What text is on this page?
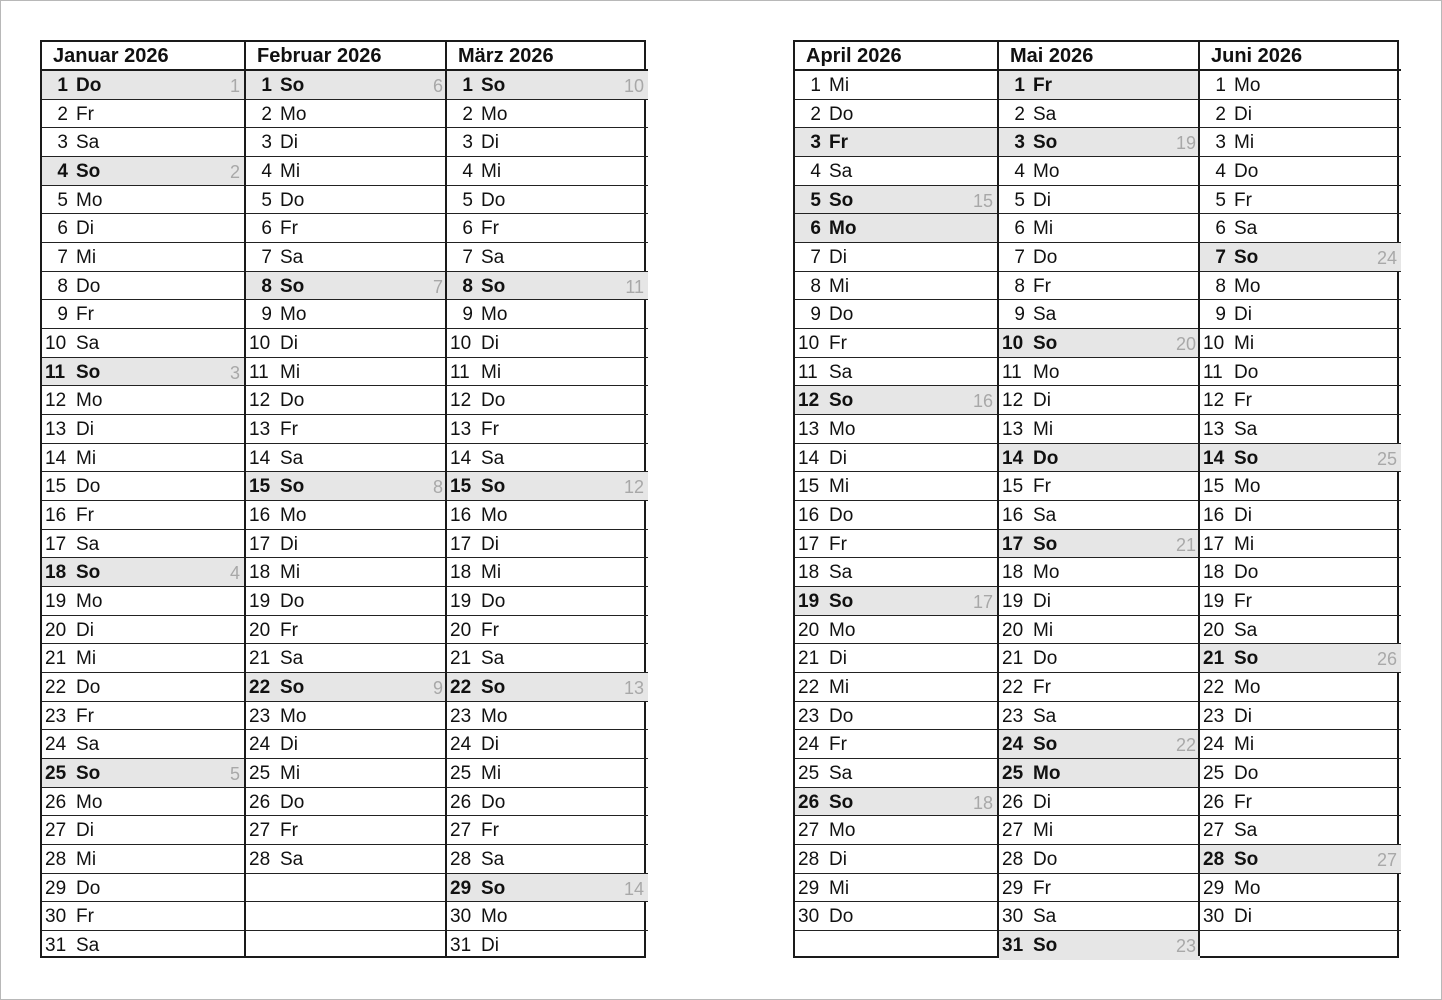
Januar 2026
1 Do	1
2 Fr
3 Sa
4 So	2
5 Mo
6 Di
7 Mi
8 Do
9 Fr
10 Sa
11 So	3
12 Mo
13 Di
14 Mi
15 Do
16 Fr
17 Sa
18 So	4
19 Mo
20 Di
21 Mi
22 Do
23 Fr
24 Sa
25 So	5
26 Mo
27 Di
28 Mi
29 Do
30 Fr
31 Sa
Februar 2026
1 So	6
2 Mo
3 Di
4 Mi
5 Do
6 Fr
7 Sa
8 So	7
9 Mo
10 Di
11 Mi
12 Do
13 Fr
14 Sa
15 So	8
16 Mo
17 Di
18 Mi
19 Do
20 Fr
21 Sa
22 So	9
23 Mo
24 Di
25 Mi
26 Do
27 Fr
28 Sa
März 2026
1 So	10
2 Mo
3 Di
4 Mi
5 Do
6 Fr
7 Sa
8 So	11
9 Mo
10 Di
11 Mi
12 Do
13 Fr
14 Sa
15 So	12
16 Mo
17 Di
18 Mi
19 Do
20 Fr
21 Sa
22 So	13
23 Mo
24 Di
25 Mi
26 Do
27 Fr
28 Sa
29 So	14
30 Mo
31 Di
April 2026
1 Mi
2 Do
3 Fr
4 Sa
5 So	15
6 Mo
7 Di
8 Mi
9 Do
10 Fr
11 Sa
12 So	16
13 Mo
14 Di
15 Mi
16 Do
17 Fr
18 Sa
19 So	17
20 Mo
21 Di
22 Mi
23 Do
24 Fr
25 Sa
26 So	18
27 Mo
28 Di
29 Mi
30 Do
Mai 2026
1 Fr
2 Sa
3 So	19
4 Mo
5 Di
6 Mi
7 Do
8 Fr
9 Sa
10 So	20
11 Mo
12 Di
13 Mi
14 Do
15 Fr
16 Sa
17 So	21
18 Mo
19 Di
20 Mi
21 Do
22 Fr
23 Sa
24 So	22
25 Mo
26 Di
27 Mi
28 Do
29 Fr
30 Sa
31 So	23
Juni 2026
1 Mo
2 Di
3 Mi
4 Do
5 Fr
6 Sa
7 So	24
8 Mo
9 Di
10 Mi
11 Do
12 Fr
13 Sa
14 So	25
15 Mo
16 Di
17 Mi
18 Do
19 Fr
20 Sa
21 So	26
22 Mo
23 Di
24 Mi
25 Do
26 Fr
27 Sa
28 So	27
29 Mo
30 Di
